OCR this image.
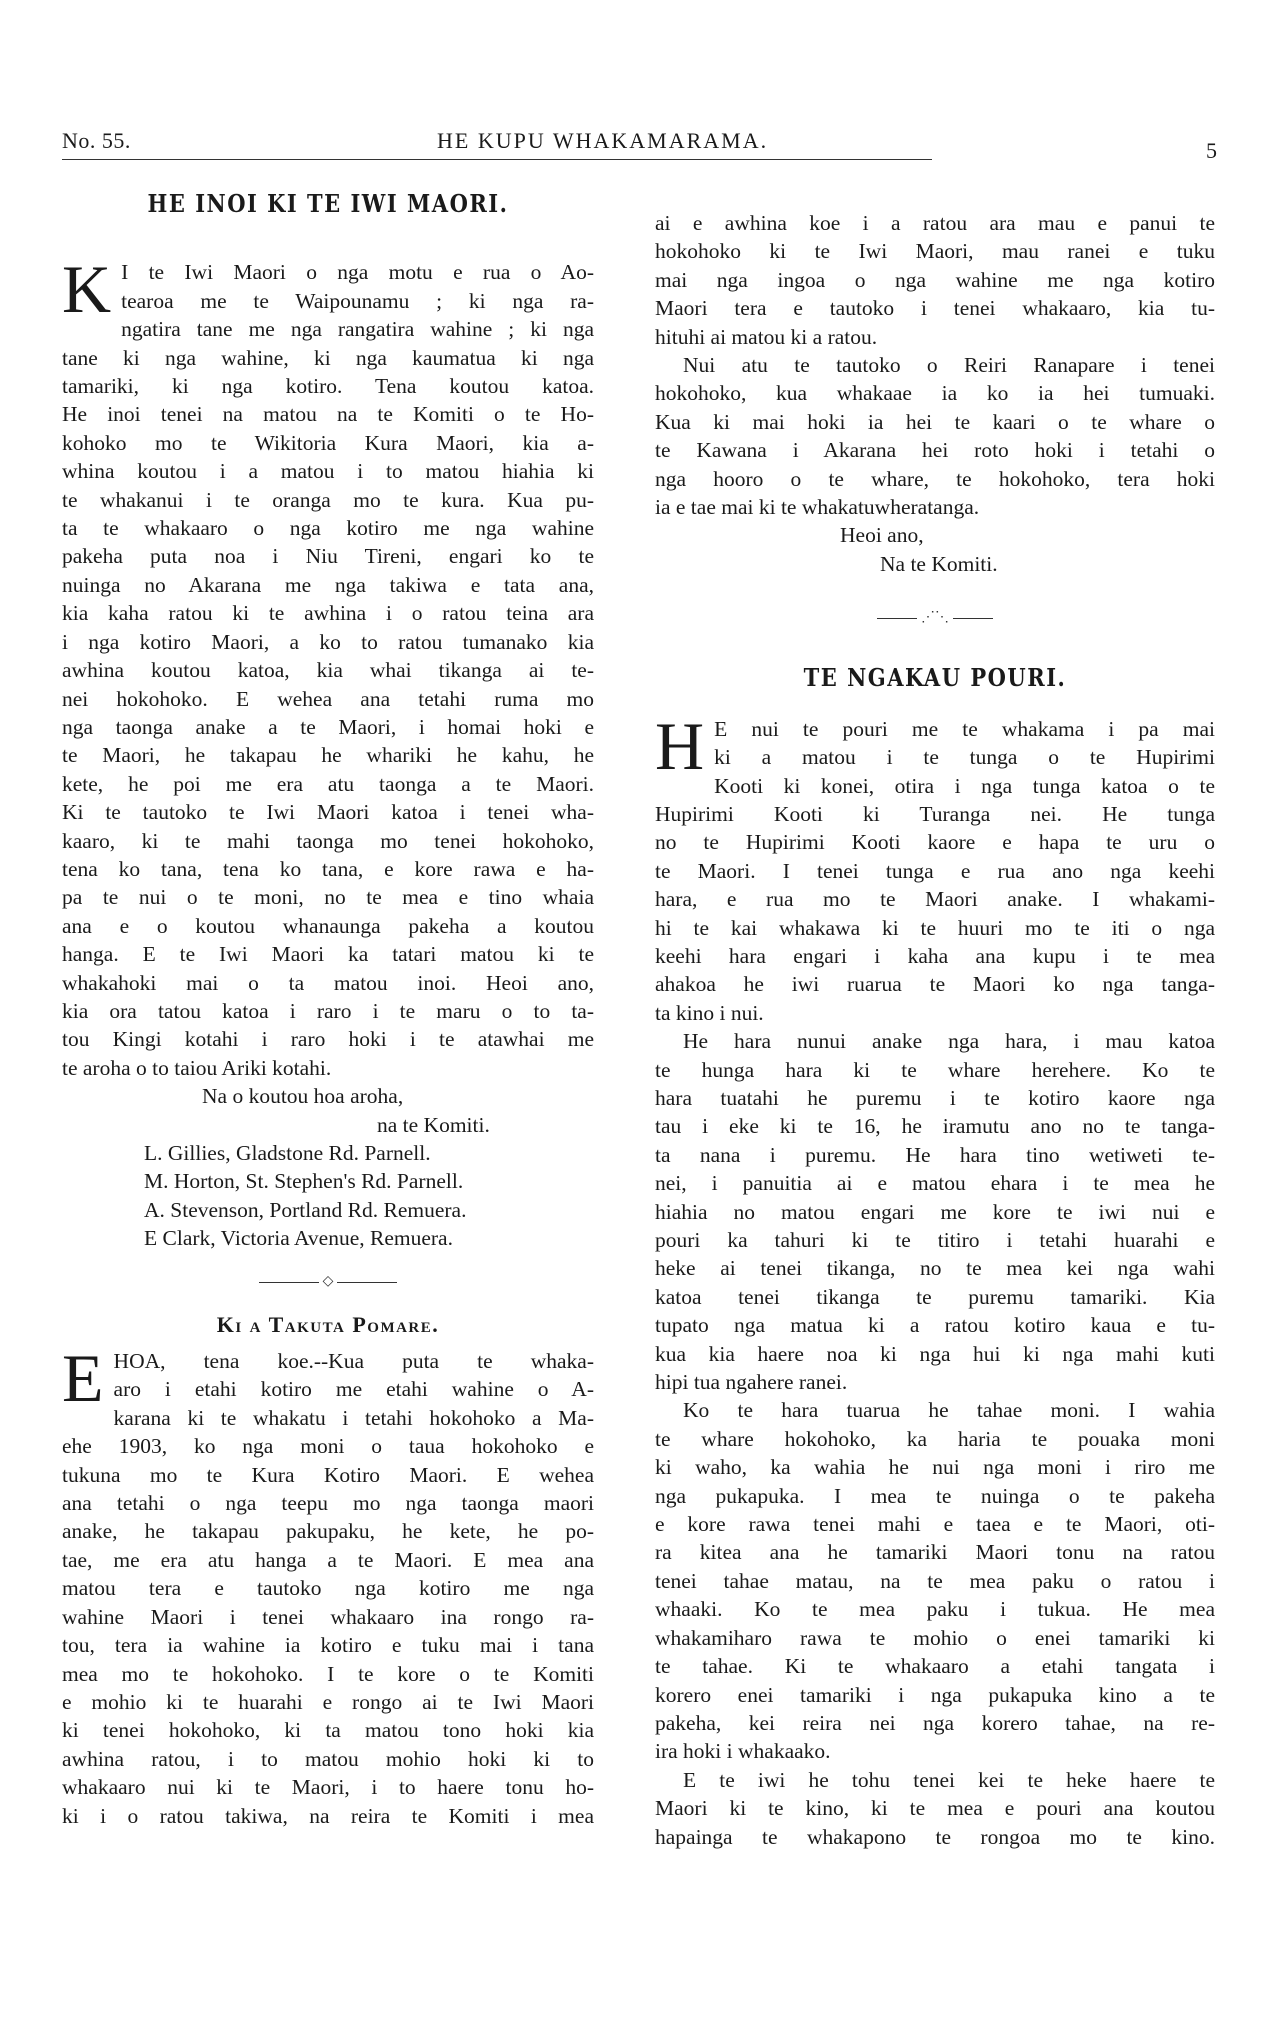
No. 55.	HE KUPU WHAKAMARAMA.	5
HE INOI KI TE IWI MAORI.
K I te Iwi Maori o nga motu e rua o Ao-
tearoa me te Waipounamu ; ki nga ra-
ngatira tane me nga rangatira wahine ; ki nga
tane ki nga wahine, ki nga kaumatua ki nga
tamariki, ki nga kotiro. Tena koutou katoa.
He inoi tenei na matou na te Komiti o te Ho-
kohoko mo te Wikitoria Kura Maori, kia a-
whina koutou i a matou i to matou hiahia ki
te whakanui i te oranga mo te kura. Kua pu-
ta te whakaaro o nga kotiro me nga wahine
pakeha puta noa i Niu Tireni, engari ko te
nuinga no Akarana me nga takiwa e tata ana,
kia kaha ratou ki te awhina i o ratou teina ara
i nga kotiro Maori, a ko to ratou tumanako kia
awhina koutou katoa, kia whai tikanga ai te-
nei hokohoko. E wehea ana tetahi ruma mo
nga taonga anake a te Maori, i homai hoki e
te Maori, he takapau he whariki he kahu, he
kete, he poi me era atu taonga a te Maori.
Ki te tautoko te Iwi Maori katoa i tenei wha-
kaaro, ki te mahi taonga mo tenei hokohoko,
tena ko tana, tena ko tana, e kore rawa e ha-
pa te nui o te moni, no te mea e tino whaia
ana e o koutou whanaunga pakeha a koutou
hanga. E te Iwi Maori ka tatari matou ki te
whakahoki mai o ta matou inoi. Heoi ano,
kia ora tatou katoa i raro i te maru o to ta-
tou Kingi kotahi i raro hoki i te atawhai me
te aroha o to taiou Ariki kotahi.
Na o koutou hoa aroha,
na te Komiti.
L. Gillies, Gladstone Rd. Parnell.
M. Horton, St. Stephen's Rd. Parnell.
A. Stevenson, Portland Rd. Remuera.
E Clark, Victoria Avenue, Remuera.
◇
Ki a Takuta Pomare.
E HOA, tena koe.--Kua puta te whaka-
aro i etahi kotiro me etahi wahine o A-
karana ki te whakatu i tetahi hokohoko a Ma-
ehe 1903, ko nga moni o taua hokohoko e
tukuna mo te Kura Kotiro Maori. E wehea
ana tetahi o nga teepu mo nga taonga maori
anake, he takapau pakupaku, he kete, he po-
tae, me era atu hanga a te Maori. E mea ana
matou tera e tautoko nga kotiro me nga
wahine Maori i tenei whakaaro ina rongo ra-
tou, tera ia wahine ia kotiro e tuku mai i tana
mea mo te hokohoko. I te kore o te Komiti
e mohio ki te huarahi e rongo ai te Iwi Maori
ki tenei hokohoko, ki ta matou tono hoki kia
awhina ratou, i to matou mohio hoki ki to
whakaaro nui ki te Maori, i to haere tonu ho-
ki i o ratou takiwa, na reira te Komiti i mea
ai e awhina koe i a ratou ara mau e panui te
hokohoko ki te Iwi Maori, mau ranei e tuku
mai nga ingoa o nga wahine me nga kotiro
Maori tera e tautoko i tenei whakaaro, kia tu-
hituhi ai matou ki a ratou.
Nui atu te tautoko o Reiri Ranapare i tenei
hokohoko, kua whakaae ia ko ia hei tumuaki.
Kua ki mai hoki ia hei te kaari o te whare o
te Kawana i Akarana hei roto hoki i tetahi o
nga hooro o te whare, te hokohoko, tera hoki
ia e tae mai ki te whakatuwheratanga.
Heoi ano,
Na te Komiti.
⋰⋱
TE NGAKAU POURI.
H E nui te pouri me te whakama i pa mai
ki a matou i te tunga o te Hupirimi
Kooti ki konei, otira i nga tunga katoa o te
Hupirimi Kooti ki Turanga nei. He tunga
no te Hupirimi Kooti kaore e hapa te uru o
te Maori. I tenei tunga e rua ano nga keehi
hara, e rua mo te Maori anake. I whakami-
hi te kai whakawa ki te huuri mo te iti o nga
keehi hara engari i kaha ana kupu i te mea
ahakoa he iwi ruarua te Maori ko nga tanga-
ta kino i nui.
He hara nunui anake nga hara, i mau katoa
te hunga hara ki te whare herehere. Ko te
hara tuatahi he puremu i te kotiro kaore nga
tau i eke ki te 16, he iramutu ano no te tanga-
ta nana i puremu. He hara tino wetiweti te-
nei, i panuitia ai e matou ehara i te mea he
hiahia no matou engari me kore te iwi nui e
pouri ka tahuri ki te titiro i tetahi huarahi e
heke ai tenei tikanga, no te mea kei nga wahi
katoa tenei tikanga te puremu tamariki. Kia
tupato nga matua ki a ratou kotiro kaua e tu-
kua kia haere noa ki nga hui ki nga mahi kuti
hipi tua ngahere ranei.
Ko te hara tuarua he tahae moni. I wahia
te whare hokohoko, ka haria te pouaka moni
ki waho, ka wahia he nui nga moni i riro me
nga pukapuka. I mea te nuinga o te pakeha
e kore rawa tenei mahi e taea e te Maori, oti-
ra kitea ana he tamariki Maori tonu na ratou
tenei tahae matau, na te mea paku o ratou i
whaaki. Ko te mea paku i tukua. He mea
whakamiharo rawa te mohio o enei tamariki ki
te tahae. Ki te whakaaro a etahi tangata i
korero enei tamariki i nga pukapuka kino a te
pakeha, kei reira nei nga korero tahae, na re-
ira hoki i whakaako.
E te iwi he tohu tenei kei te heke haere te
Maori ki te kino, ki te mea e pouri ana koutou
hapainga te whakapono te rongoa mo te kino.
